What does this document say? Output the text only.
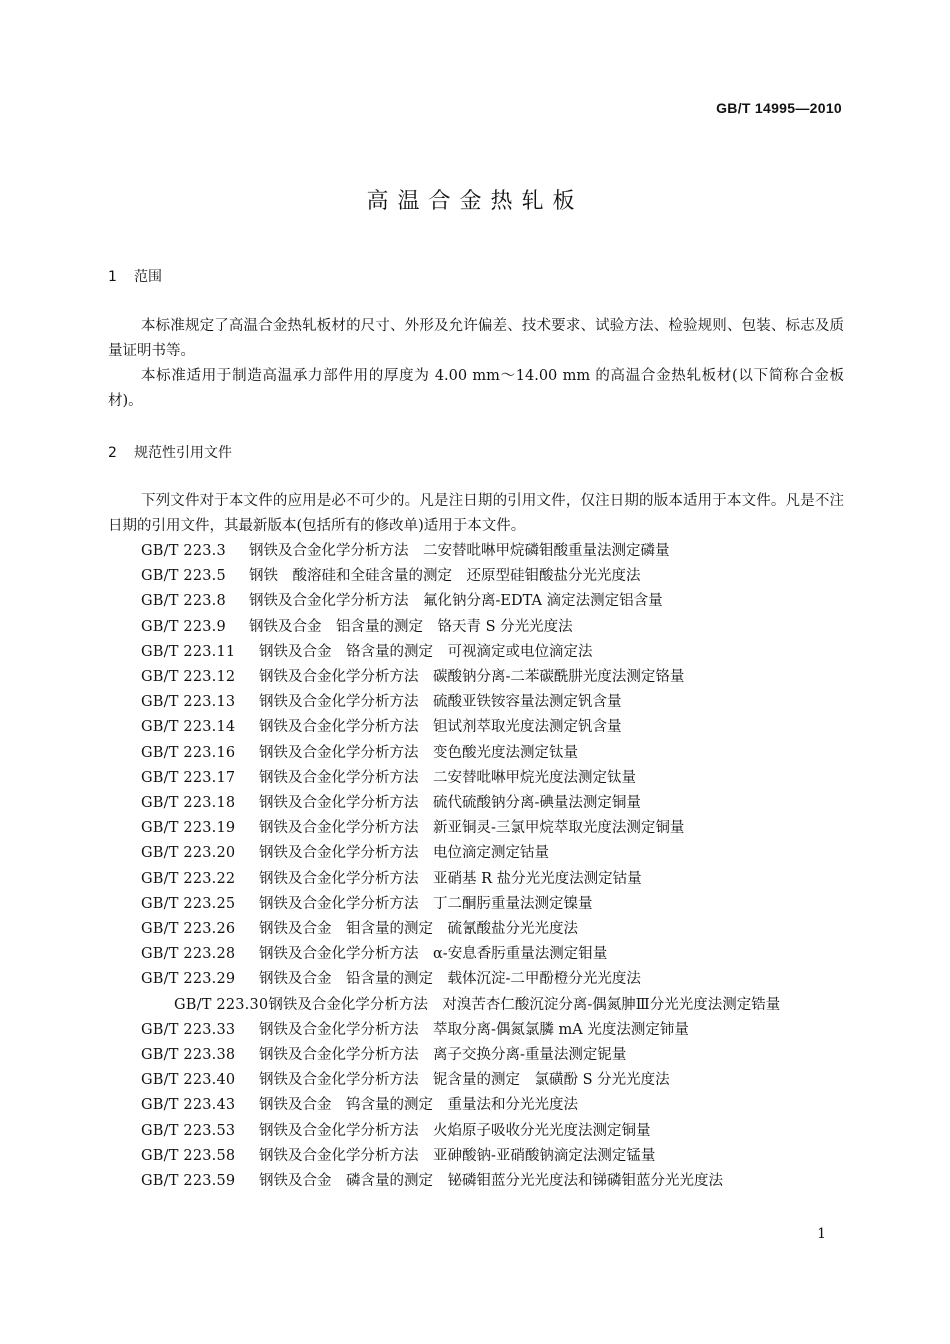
GB/T 14995—2010
高温合金热轧板
1 范围

本标准规定了高温合金热轧板材的尺寸、外形及允许偏差、技术要求、试验方法、检验规则、包装、标志及质量证明书等。

本标准适用于制造高温承力部件用的厚度为 4.00 mm～14.00 mm 的高温合金热轧板材(以下简称合金板材)。

2 规范性引用文件

下列文件对于本文件的应用是必不可少的。凡是注日期的引用文件，仅注日期的版本适用于本文件。凡是不注日期的引用文件，其最新版本(包括所有的修改单)适用于本文件。

GB/T 223.3 钢铁及合金化学分析方法　二安替吡啉甲烷磷钼酸重量法测定磷量
GB/T 223.5 钢铁　酸溶硅和全硅含量的测定　还原型硅钼酸盐分光光度法
GB/T 223.8 钢铁及合金化学分析方法　氟化钠分离-EDTA 滴定法测定铝含量
GB/T 223.9 钢铁及合金　铝含量的测定　铬天青 S 分光光度法
GB/T 223.11 钢铁及合金　铬含量的测定　可视滴定或电位滴定法
GB/T 223.12 钢铁及合金化学分析方法　碳酸钠分离-二苯碳酰肼光度法测定铬量
GB/T 223.13 钢铁及合金化学分析方法　硫酸亚铁铵容量法测定钒含量
GB/T 223.14 钢铁及合金化学分析方法　钽试剂萃取光度法测定钒含量
GB/T 223.16 钢铁及合金化学分析方法　变色酸光度法测定钛量
GB/T 223.17 钢铁及合金化学分析方法　二安替吡啉甲烷光度法测定钛量
GB/T 223.18 钢铁及合金化学分析方法　硫代硫酸钠分离-碘量法测定铜量
GB/T 223.19 钢铁及合金化学分析方法　新亚铜灵-三氯甲烷萃取光度法测定铜量
GB/T 223.20 钢铁及合金化学分析方法　电位滴定测定钴量
GB/T 223.22 钢铁及合金化学分析方法　亚硝基 R 盐分光光度法测定钴量
GB/T 223.25 钢铁及合金化学分析方法　丁二酮肟重量法测定镍量
GB/T 223.26 钢铁及合金　钼含量的测定　硫氰酸盐分光光度法
GB/T 223.28 钢铁及合金化学分析方法　α-安息香肟重量法测定钼量
GB/T 223.29 钢铁及合金　铅含量的测定　载体沉淀-二甲酚橙分光光度法
GB/T 223.30钢铁及合金化学分析方法　对溴苦杏仁酸沉淀分离-偶氮胂Ⅲ分光光度法测定锆量
GB/T 223.33 钢铁及合金化学分析方法　萃取分离-偶氮氯膦 mA 光度法测定铈量
GB/T 223.38 钢铁及合金化学分析方法　离子交换分离-重量法测定铌量
GB/T 223.40 钢铁及合金化学分析方法　铌含量的测定　氯磺酚 S 分光光度法
GB/T 223.43 钢铁及合金　钨含量的测定　重量法和分光光度法
GB/T 223.53 钢铁及合金化学分析方法　火焰原子吸收分光光度法测定铜量
GB/T 223.58 钢铁及合金化学分析方法　亚砷酸钠-亚硝酸钠滴定法测定锰量
GB/T 223.59 钢铁及合金　磷含量的测定　铋磷钼蓝分光光度法和锑磷钼蓝分光光度法
1
